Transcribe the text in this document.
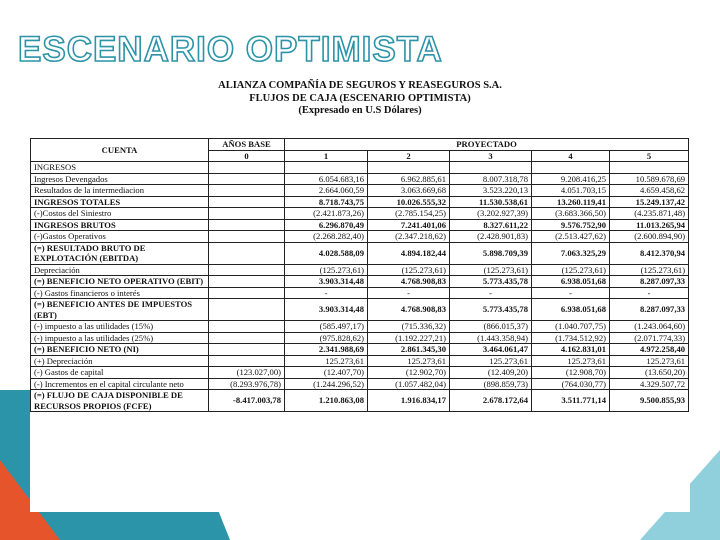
ESCENARIO OPTIMISTA
ALIANZA COMPAÑÍA DE SEGUROS Y REASEGUROS S.A.
FLUJOS DE CAJA (ESCENARIO OPTIMISTA)
(Expresado en U.S Dólares)
CUENTA	AÑOS BASE	PROYECTADO				
	0	1	2	3	4	5
INGRESOS						
Ingresos Devengados		6.054.683,16	6.962.885,61	8.007.318,78	9.208.416,25	10.589.678,69
Resultados de la intermediacion		2.664.060,59	3.063.669,68	3.523.220,13	4.051.703,15	4.659.458,62
INGRESOS TOTALES		8.718.743,75	10.026.555,32	11.530.538,61	13.260.119,41	15.249.137,42
(-)Costos del Siniestro		(2.421.873,26)	(2.785.154,25)	(3.202.927,39)	(3.683.366,50)	(4.235.871,48)
INGRESOS BRUTOS		6.296.870,49	7.241.401,06	8.327.611,22	9.576.752,90	11.013.265,94
(-)Gastos Operativos		(2.268.282,40)	(2.347.218,62)	(2.428.901,83)	(2.513.427,62)	(2.600.894,90)
(=) RESULTADO BRUTO DE EXPLOTACIÓN (EBITDA)		4.028.588,09	4.894.182,44	5.898.709,39	7.063.325,29	8.412.370,94
Depreciación		(125.273,61)	(125.273,61)	(125.273,61)	(125.273,61)	(125.273,61)
(=) BENEFICIO NETO OPERATIVO (EBIT)		3.903.314,48	4.768.908,83	5.773.435,78	6.938.051,68	8.287.097,33
(-) Gastos financieros o interés		-	-	-	-	-
(=) BENEFICIO ANTES DE IMPUESTOS (EBT)		3.903.314,48	4.768.908,83	5.773.435,78	6.938.051,68	8.287.097,33
(-) impuesto a las utilidades (15%)		(585.497,17)	(715.336,32)	(866.015,37)	(1.040.707,75)	(1.243.064,60)
(-) impuesto a las utilidades (25%)		(975.828,62)	(1.192.227,21)	(1.443.358,94)	(1.734.512,92)	(2.071.774,33)
(=) BENEFICIO NETO (NI)		2.341.988,69	2.861.345,30	3.464.061,47	4.162.831,01	4.972.258,40
(+) Depreciación		125.273,61	125.273,61	125.273,61	125.273,61	125.273,61
(-) Gastos de capital	(123.027,00)	(12.407,70)	(12.902,70)	(12.409,20)	(12.908,70)	(13.650,20)
(-) Incrementos en el capital circulante neto	(8.293.976,78)	(1.244.296,52)	(1.057.482,04)	(898.859,73)	(764.030,77)	4.329.507,72
(=) FLUJO DE CAJA DISPONIBLE DE RECURSOS PROPIOS (FCFE)	-8.417.003,78	1.210.863,08	1.916.834,17	2.678.172,64	3.511.771,14	9.500.855,93
